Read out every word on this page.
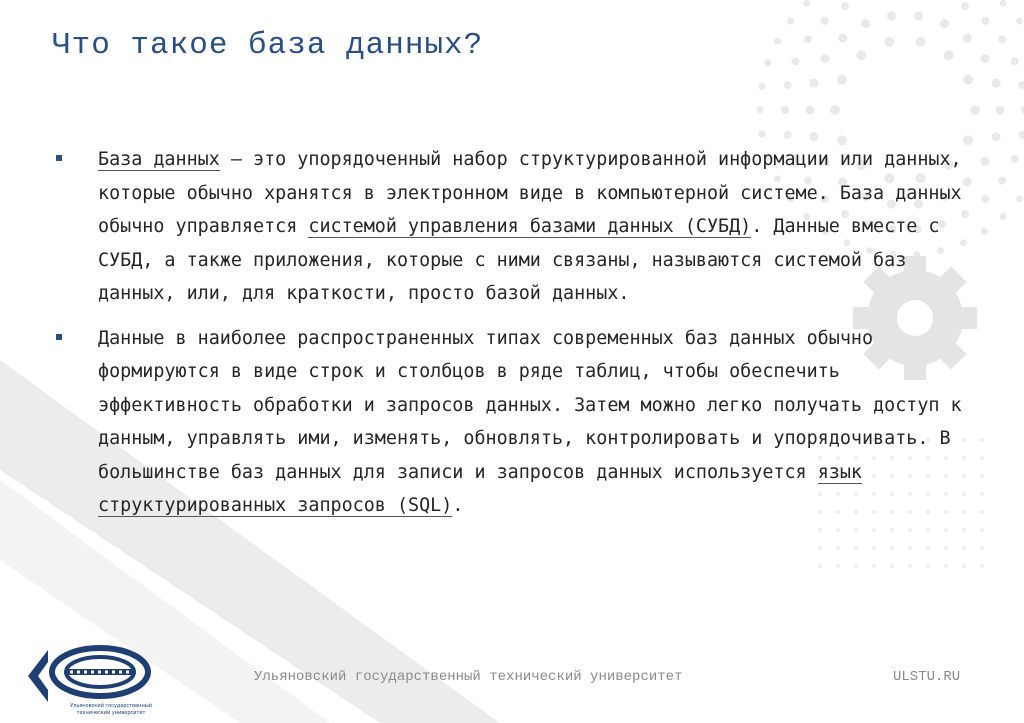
Что такое база данных?
База данных — это упорядоченный набор структурированной информации или данных, которые обычно хранятся в электронном виде в компьютерной системе. База данных обычно управляется системой управления базами данных (СУБД). Данные вместе с СУБД, а также приложения, которые с ними связаны, называются системой баз данных, или, для краткости, просто базой данных.
Данные в наиболее распространенных типах современных баз данных обычно формируются в виде строк и столбцов в ряде таблиц, чтобы обеспечить эффективность обработки и запросов данных. Затем можно легко получать доступ к данным, управлять ими, изменять, обновлять, контролировать и упорядочивать. В большинстве баз данных для записи и запросов данных используется язык структурированных запросов (SQL).
Ульяновский государственный
технический университет
Ульяновский государственный технический университет	ULSTU.RU
